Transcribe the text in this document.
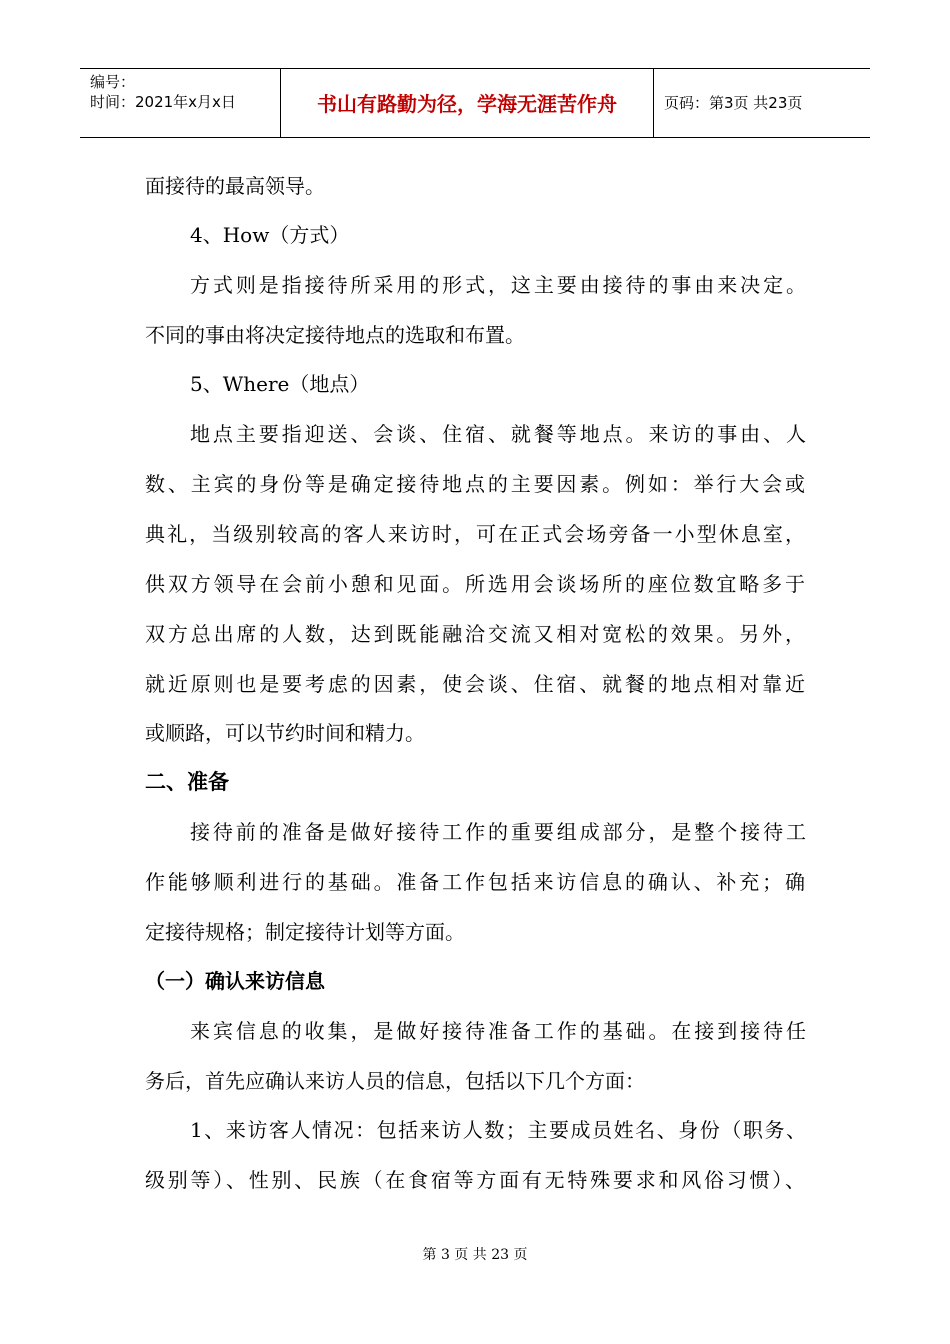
编号：
时间：2021年x月x日	书山有路勤为径，学海无涯苦作舟	页码：第3页 共23页
面接待的最高领导。
4、How（方式）
方式则是指接待所采用的形式，这主要由接待的事由来决定。
不同的事由将决定接待地点的选取和布置。
5、Where（地点）
地点主要指迎送、会谈、住宿、就餐等地点。来访的事由、人
数、主宾的身份等是确定接待地点的主要因素。例如：举行大会或
典礼，当级别较高的客人来访时，可在正式会场旁备一小型休息室，
供双方领导在会前小憩和见面。所选用会谈场所的座位数宜略多于
双方总出席的人数，达到既能融洽交流又相对宽松的效果。另外，
就近原则也是要考虑的因素，使会谈、住宿、就餐的地点相对靠近
或顺路，可以节约时间和精力。
二、准备
接待前的准备是做好接待工作的重要组成部分，是整个接待工
作能够顺利进行的基础。准备工作包括来访信息的确认、补充；确
定接待规格；制定接待计划等方面。
（一）确认来访信息
来宾信息的收集，是做好接待准备工作的基础。在接到接待任
务后，首先应确认来访人员的信息，包括以下几个方面：
1、来访客人情况：包括来访人数；主要成员姓名、身份（职务、
级别等）、性别、民族（在食宿等方面有无特殊要求和风俗习惯）、
第 3 页 共 23 页
